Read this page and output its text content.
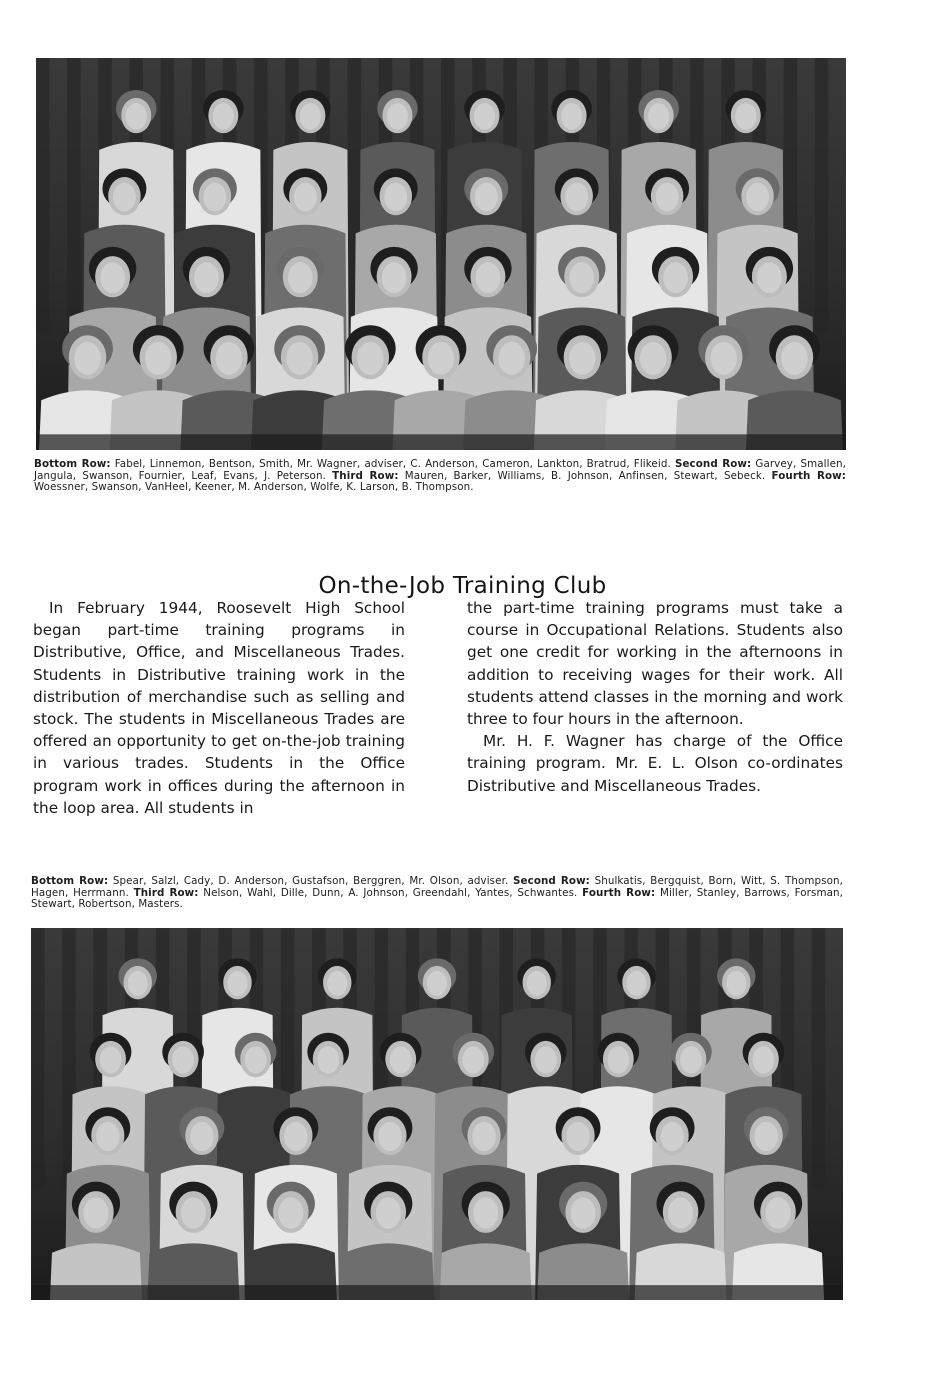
Bottom Row: Fabel, Linnemon, Bentson, Smith, Mr. Wagner, adviser, C. Anderson, Cameron, Lankton, Bratrud, Flikeid. Second Row: Garvey, Smallen, Jangula, Swanson, Fournier, Leaf, Evans, J. Peterson. Third Row: Mauren, Barker, Williams, B. Johnson, Anfinsen, Stewart, Sebeck. Fourth Row: Woessner, Swanson, VanHeel, Keener, M. Anderson, Wolfe, K. Larson, B. Thompson.
On-the-Job Training Club

In February 1944, Roosevelt High School began part-time training programs in Distributive, Office, and Miscellaneous Trades. Students in Distributive training work in the distribution of merchandise such as selling and stock. The students in Miscellaneous Trades are offered an opportunity to get on-the-job training in various trades. Students in the Office program work in offices during the afternoon in the loop area. All students in

the part-time training programs must take a course in Occupational Relations. Students also get one credit for working in the afternoons in addition to receiving wages for their work. All students attend classes in the morning and work three to four hours in the afternoon.

Mr. H. F. Wagner has charge of the Office training program. Mr. E. L. Olson co-ordinates Distributive and Miscellaneous Trades.

Bottom Row: Spear, Salzl, Cady, D. Anderson, Gustafson, Berggren, Mr. Olson, adviser. Second Row: Shulkatis, Bergquist, Born, Witt, S. Thompson, Hagen, Herrmann. Third Row: Nelson, Wahl, Dille, Dunn, A. Johnson, Greendahl, Yantes, Schwantes. Fourth Row: Miller, Stanley, Barrows, Forsman, Stewart, Robertson, Masters.
